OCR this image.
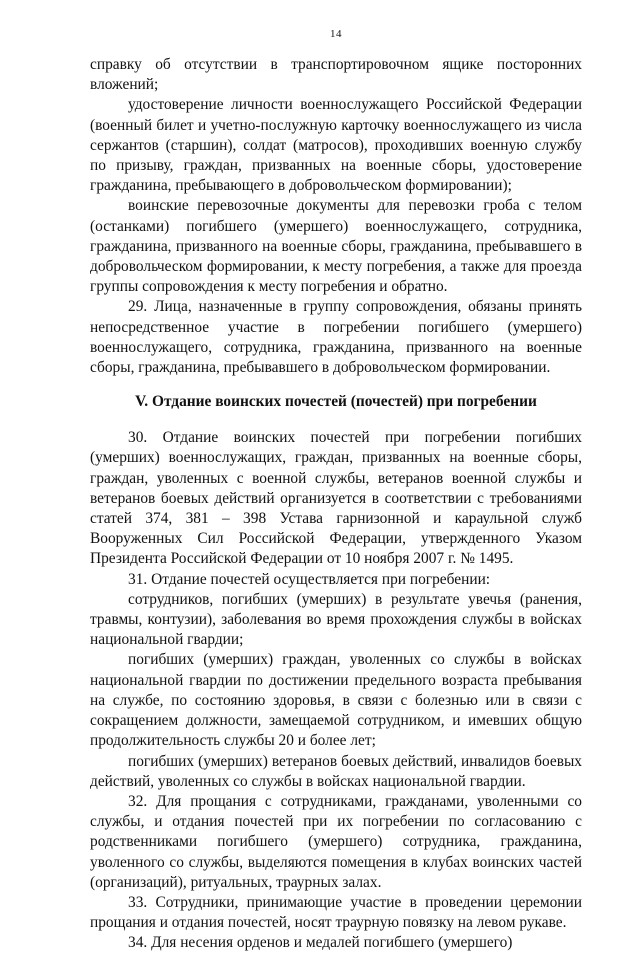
14

справку об отсутствии в транспортировочном ящике посторонних вложений;

удостоверение личности военнослужащего Российской Федерации (военный билет и учетно-послужную карточку военнослужащего из числа сержантов (старшин), солдат (матросов), проходивших военную службу по призыву, граждан, призванных на военные сборы, удостоверение гражданина, пребывающего в добровольческом формировании);

воинские перевозочные документы для перевозки гроба с телом (останками) погибшего (умершего) военнослужащего, сотрудника, гражданина, призванного на военные сборы, гражданина, пребывавшего в добровольческом формировании, к месту погребения, а также для проезда группы сопровождения к месту погребения и обратно.

29. Лица, назначенные в группу сопровождения, обязаны принять непосредственное участие в погребении погибшего (умершего) военнослужащего, сотрудника, гражданина, призванного на военные сборы, гражданина, пребывавшего в добровольческом формировании.

V. Отдание воинских почестей (почестей) при погребении

30. Отдание воинских почестей при погребении погибших (умерших) военнослужащих, граждан, призванных на военные сборы, граждан, уволенных с военной службы, ветеранов военной службы и ветеранов боевых действий организуется в соответствии с требованиями статей 374, 381 – 398 Устава гарнизонной и караульной служб Вооруженных Сил Российской Федерации, утвержденного Указом Президента Российской Федерации от 10 ноября 2007 г. № 1495.

31. Отдание почестей осуществляется при погребении:

сотрудников, погибших (умерших) в результате увечья (ранения, травмы, контузии), заболевания во время прохождения службы в войсках национальной гвардии;

погибших (умерших) граждан, уволенных со службы в войсках национальной гвардии по достижении предельного возраста пребывания на службе, по состоянию здоровья, в связи с болезнью или в связи с сокращением должности, замещаемой сотрудником, и имевших общую продолжительность службы 20 и более лет;

погибших (умерших) ветеранов боевых действий, инвалидов боевых действий, уволенных со службы в войсках национальной гвардии.

32. Для прощания с сотрудниками, гражданами, уволенными со службы, и отдания почестей при их погребении по согласованию с родственниками погибшего (умершего) сотрудника, гражданина, уволенного со службы, выделяются помещения в клубах воинских частей (организаций), ритуальных, траурных залах.

33. Сотрудники, принимающие участие в проведении церемонии прощания и отдания почестей, носят траурную повязку на левом рукаве.

34. Для несения орденов и медалей погибшего (умершего)
